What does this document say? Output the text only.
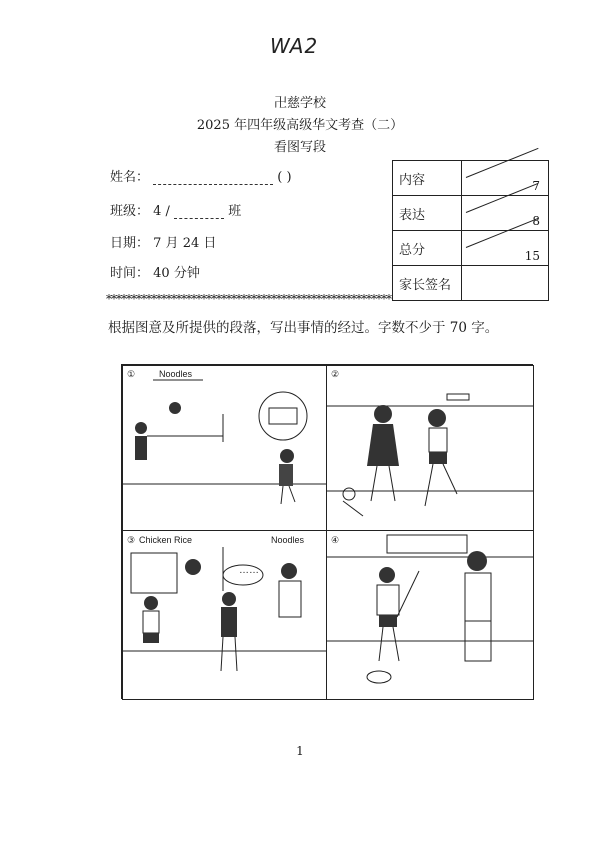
WA2
卍慈学校
2025 年四年级高级华文考查（二）
看图写段
姓名：	( )
班级： 4 /	班
日期： 7 月 24 日
时间： 40 分钟
内容	7

表达	8

总分	15

家长签名	
*********************************************************
根据图意及所提供的段落，写出事情的经过。字数不少于 70 字。
①	Noodles	②
③ Chicken Rice	Noodles
……
④
1
